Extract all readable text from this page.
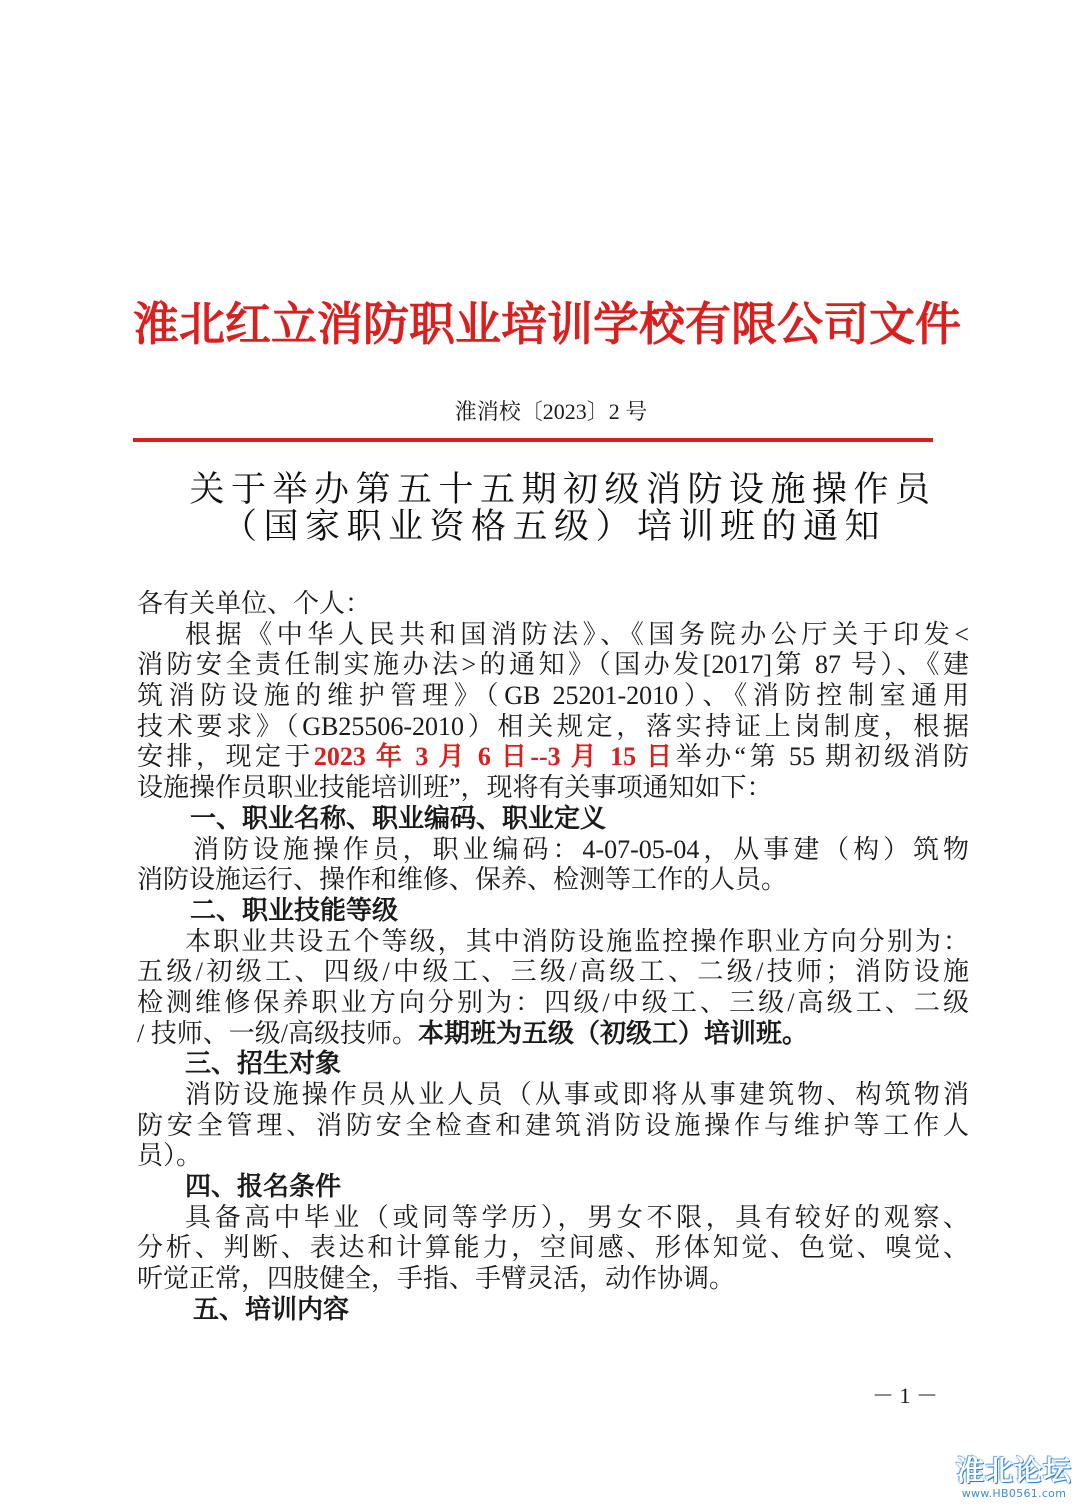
淮北红立消防职业培训学校有限公司文件
淮消校〔2023〕2 号
关于举办第五十五期初级消防设施操作员
（国家职业资格五级）培训班的通知
各有关单位、个人：
根据《中华人民共和国消防法》、《国务院办公厅关于印发<
消防安全责任制实施办法>的通知》（国办发[2017]第 87 号）、《建
筑消防设施的维护管理》（GB 25201-2010）、《消防控制室通用
技术要求》（GB25506-2010）相关规定，落实持证上岗制度，根据
安排，现定于2023 年 3 月 6 日--3 月 15 日举办“第 55 期初级消防
设施操作员职业技能培训班”，现将有关事项通知如下：
一、职业名称、职业编码、职业定义
消防设施操作员，职业编码：4-07-05-04，从事建（构）筑物
消防设施运行、操作和维修、保养、检测等工作的人员。
二、职业技能等级
本职业共设五个等级，其中消防设施监控操作职业方向分别为：
五级/初级工、四级/中级工、三级/高级工、二级/技师；消防设施
检测维修保养职业方向分别为：四级/中级工、三级/高级工、二级
/ 技师、一级/高级技师。本期班为五级（初级工）培训班。
三、招生对象
消防设施操作员从业人员（从事或即将从事建筑物、构筑物消
防安全管理、消防安全检查和建筑消防设施操作与维护等工作人
员）。
四、报名条件
具备高中毕业（或同等学历），男女不限，具有较好的观察、
分析、判断、表达和计算能力，空间感、形体知觉、色觉、嗅觉、
听觉正常，四肢健全，手指、手臂灵活，动作协调。
五、培训内容
－ 1 －
淮北论坛
www.HB0561.com
